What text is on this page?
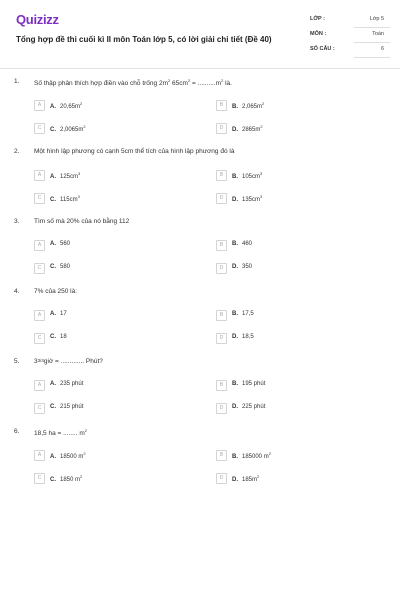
Quizizz
Tổng hợp đề thi cuối kì II môn Toán lớp 5, có lời giải chi tiết (Đề 40)
LỚP :	Lớp 5
MÔN :	Toán
SỐ CÂU :	6
1. Số thập phân thích hợp điền vào chỗ trống $2m^2$ $65cm^2 = ..........m^2$ là.
A	A. $20,65m^2$	B	B. $2,065m^2$
C	C. $2,0065m^2$	D	D. $2865m^2$
2. Một hình lập phương có cạnh 5cm thể tích của hình lập phương đó là
A	A. $125cm^3$	B	B. $105cm^3$
C	C. $115cm^3$	D	D. $135cm^3$
3. Tìm số mà 20% của nó bằng 112
A	A. 560	B	B. 460
C	C. 580	D	D. 350
4. 7% của 250 là:
A	A. 17	B	B. 17,5
C	C. 18	D	D. 18,5
5. 33/4giờ = ............. Phút?
A	A. 235 phút	B	B. 195 phút
C	C. 215 phút	D	D. 225 phút
6. 18,5 ha = ........ $m^2$
A	A. 18500 $m^2$	B	B. 185000 $m^2$
C	C. 1850 $m^2$	D	D. $185m^2$
